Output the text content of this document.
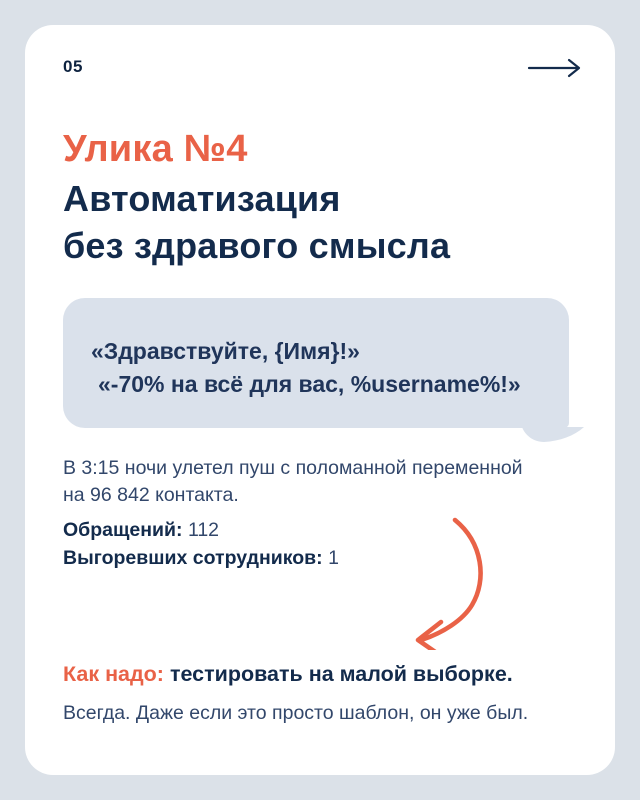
05
Улика №4
Автоматизация
без здравого смысла
«Здравствуйте, {Имя}!»
«-70% на всё для вас, %username%!»
В 3:15 ночи улетел пуш с поломанной переменной
на 96 842 контакта.
Обращений: 112
Выгоревших сотрудников: 1
Как надо: тестировать на малой выборке.
Всегда. Даже если это просто шаблон, он уже был.
